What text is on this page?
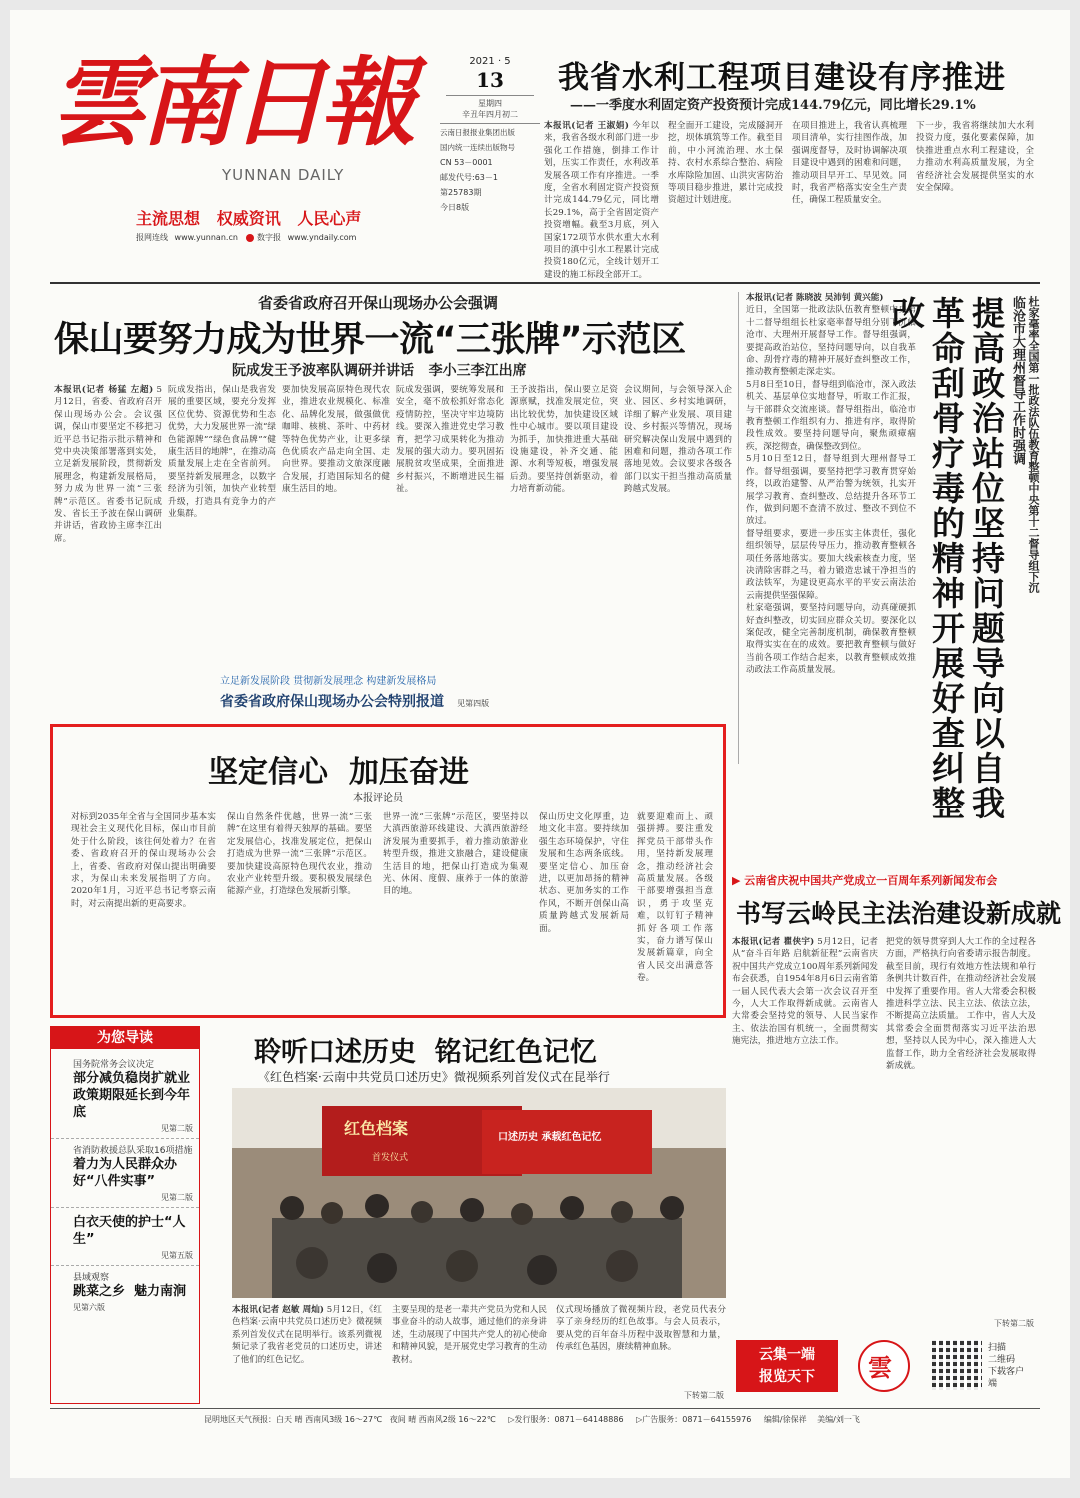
雲南日報
YUNNAN DAILY
主流思想   权威资讯   人民心声
报网连线 www.yunnan.cn 数字报 www.yndaily.com
2021 · 5
13
星期四
辛丑年四月初二
云南日报报业集团出版
国内统一连续出版物号
CN 53－0001
邮发代号:63－1
第25783期
今日8版
我省水利工程项目建设有序推进
——一季度水利固定资产投资预计完成144.79亿元，同比增长29.1%
本报讯(记者 王淑娟) 今年以来，我省各级水利部门进一步强化工作措施，倒排工作计划，压实工作责任，水利改革发展各项工作有序推进。一季度，全省水利固定资产投资预计完成144.79亿元，同比增长29.1%，高于全省固定资产投资增幅。截至3月底，列入国家172项节水供水重大水利项目的滇中引水工程累计完成投资180亿元，全线计划开工建设的施工标段全部开工。
程全面开工建设，完成隧洞开挖，坝体填筑等工作。截至目前，中小河流治理、水土保持、农村水系综合整治、病险水库除险加固、山洪灾害防治等项目稳步推进，累计完成投资超过计划进度。
在项目推进上，我省认真梳理项目清单，实行挂图作战，加强调度督导，及时协调解决项目建设中遇到的困难和问题，推动项目早开工、早见效。同时，我省严格落实安全生产责任，确保工程质量安全。
下一步，我省将继续加大水利投资力度，强化要素保障，加快推进重点水利工程建设，全力推动水利高质量发展，为全省经济社会发展提供坚实的水安全保障。
省委省政府召开保山现场办公会强调
保山要努力成为世界一流“三张牌”示范区
阮成发王予波率队调研并讲话   李小三李江出席
本报讯(记者 杨猛 左超) 5月12日，省委、省政府召开保山现场办公会。会议强调，保山市要坚定不移把习近平总书记指示批示精神和党中央决策部署落到实处，立足新发展阶段，贯彻新发展理念，构建新发展格局，努力成为世界一流“三张牌”示范区。省委书记阮成发、省长王予波在保山调研并讲话，省政协主席李江出席。
阮成发指出，保山是我省发展的重要区域，要充分发挥区位优势、资源优势和生态优势，大力发展世界一流“绿色能源牌”“绿色食品牌”“健康生活目的地牌”，在推动高质量发展上走在全省前列。要坚持新发展理念，以数字经济为引领，加快产业转型升级，打造具有竞争力的产业集群。
要加快发展高原特色现代农业，推进农业规模化、标准化、品牌化发展，做强做优咖啡、核桃、茶叶、中药材等特色优势产业，让更多绿色优质农产品走向全国、走向世界。要推动文旅深度融合发展，打造国际知名的健康生活目的地。
阮成发强调，要统筹发展和安全，毫不放松抓好常态化疫情防控，坚决守牢边境防线。要深入推进党史学习教育，把学习成果转化为推动发展的强大动力。要巩固拓展脱贫攻坚成果，全面推进乡村振兴，不断增进民生福祉。
王予波指出，保山要立足资源禀赋，找准发展定位，突出比较优势，加快建设区域性中心城市。要以项目建设为抓手，加快推进重大基础设施建设，补齐交通、能源、水利等短板，增强发展后劲。要坚持创新驱动，着力培育新动能。
会议期间，与会领导深入企业、园区、乡村实地调研，详细了解产业发展、项目建设、乡村振兴等情况，现场研究解决保山发展中遇到的困难和问题，推动各项工作落地见效。会议要求各级各部门以实干担当推动高质量跨越式发展。
立足新发展阶段 贯彻新发展理念 构建新发展格局
省委省政府保山现场办公会特别报道 见第四版
本报讯(记者 陈晓波 吴沛钊 黄兴能)
近日，全国第一批政法队伍教育整顿中央第十二督导组组长杜家毫率督导组分别下沉临沧市、大理州开展督导工作。督导组强调，要提高政治站位，坚持问题导向，以自我革命、刮骨疗毒的精神开展好查纠整改工作，推动教育整顿走深走实。
5月8日至10日，督导组到临沧市，深入政法机关、基层单位实地督导，听取工作汇报，与干部群众交流座谈。督导组指出，临沧市教育整顿工作组织有力、推进有序，取得阶段性成效。要坚持问题导向，聚焦顽瘴痼疾，深挖彻查，确保整改到位。
5月10日至12日，督导组到大理州督导工作。督导组强调，要坚持把学习教育贯穿始终，以政治建警、从严治警为统领，扎实开展学习教育、查纠整改、总结提升各环节工作，做到问题不查清不放过、整改不到位不放过。
督导组要求，要进一步压实主体责任，强化组织领导，层层传导压力，推动教育整顿各项任务落地落实。要加大线索核查力度，坚决清除害群之马，着力锻造忠诚干净担当的政法铁军，为建设更高水平的平安云南法治云南提供坚强保障。
杜家毫强调，要坚持问题导向，动真碰硬抓好查纠整改，切实回应群众关切。要深化以案促改，健全完善制度机制，确保教育整顿取得实实在在的成效。要把教育整顿与做好当前各项工作结合起来，以教育整顿成效推动政法工作高质量发展。	提高政治站位坚持问题导向以自我革命刮骨疗毒的精神开展好查纠整改	临沧市大理州督导工作时强调 杜家毫率全国第一批政法队伍教育整顿中央第十二督导组下沉
坚定信心  加压奋进
本报评论员
对标到2035年全省与全国同步基本实现社会主义现代化目标，保山市目前处于什么阶段，该往何处着力？在省委、省政府召开的保山现场办公会上，省委、省政府对保山提出明确要求，为保山未来发展指明了方向。2020年1月，习近平总书记考察云南时，对云南提出新的更高要求。
保山自然条件优越，世界一流“三张牌”在这里有着得天独厚的基础。要坚定发展信心，找准发展定位，把保山打造成为世界一流“三张牌”示范区。要加快建设高原特色现代农业，推动农业产业转型升级。要积极发展绿色能源产业，打造绿色发展新引擎。
世界一流“三张牌”示范区，要坚持以大滇西旅游环线建设、大滇西旅游经济发展为重要抓手，着力推动旅游业转型升级，推进文旅融合，建设健康生活目的地，把保山打造成为集观光、休闲、度假、康养于一体的旅游目的地。
保山历史文化厚重，边地文化丰富。要持续加强生态环境保护，守住发展和生态两条底线。要坚定信心、加压奋进，以更加昂扬的精神状态、更加务实的工作作风，不断开创保山高质量跨越式发展新局面。
就要迎难而上、顽强拼搏。要注重发挥党员干部带头作用，坚持新发展理念，推动经济社会高质量发展。各级干部要增强担当意识，勇于攻坚克难，以钉钉子精神抓好各项工作落实，奋力谱写保山发展新篇章，向全省人民交出满意答卷。
为您导读
国务院常务会议决定
部分减负稳岗扩就业政策期限延长到今年底
见第二版
省消防救援总队采取16项措施
着力为人民群众办好“八件实事”
见第二版
白衣天使的护士“人生”
见第五版
县域观察
跳菜之乡  魅力南涧
见第六版
聆听口述历史  铭记红色记忆
《红色档案·云南中共党员口述历史》微视频系列首发仪式在昆举行
红色档案
首发仪式
口述历史 承载红色记忆
本报讯(记者 赵敏 周灿) 5月12日，《红色档案·云南中共党员口述历史》微视频系列首发仪式在昆明举行。该系列微视频记录了我省老党员的口述历史，讲述了他们的红色记忆。
主要呈现的是老一辈共产党员为党和人民事业奋斗的动人故事，通过他们的亲身讲述，生动展现了中国共产党人的初心使命和精神风貌，是开展党史学习教育的生动教材。
仪式现场播放了微视频片段，老党员代表分享了亲身经历的红色故事。与会人员表示，要从党的百年奋斗历程中汲取智慧和力量，传承红色基因，赓续精神血脉。
下转第二版
▶ 云南省庆祝中国共产党成立一百周年系列新闻发布会
书写云岭民主法治建设新成就
本报讯(记者 瞿侠宇) 5月12日，记者从“奋斗百年路 启航新征程”云南省庆祝中国共产党成立100周年系列新闻发布会获悉，自1954年8月6日云南省第一届人民代表大会第一次会议召开至今，人大工作取得新成就。云南省人大常委会坚持党的领导、人民当家作主、依法治国有机统一，全面贯彻实施宪法，推进地方立法工作。
把党的领导贯穿到人大工作的全过程各方面，严格执行向省委请示报告制度。截至目前，现行有效地方性法规和单行条例共计数百件，在推动经济社会发展中发挥了重要作用。省人大常委会积极推进科学立法、民主立法、依法立法，不断提高立法质量。 工作中，省人大及其常委会全面贯彻落实习近平法治思想，坚持以人民为中心，深入推进人大监督工作，助力全省经济社会发展取得新成就。
下转第二版
云集一端
报览天下	雲
扫描
二维码
下载客户端
昆明地区天气预报：白天 晴 西南风3级 16～27℃   夜间 晴 西南风2级 16～22℃ ▷发行服务：0871－64148886 ▷广告服务：0871－64155976 编辑/徐保祥 美编/刘一飞
